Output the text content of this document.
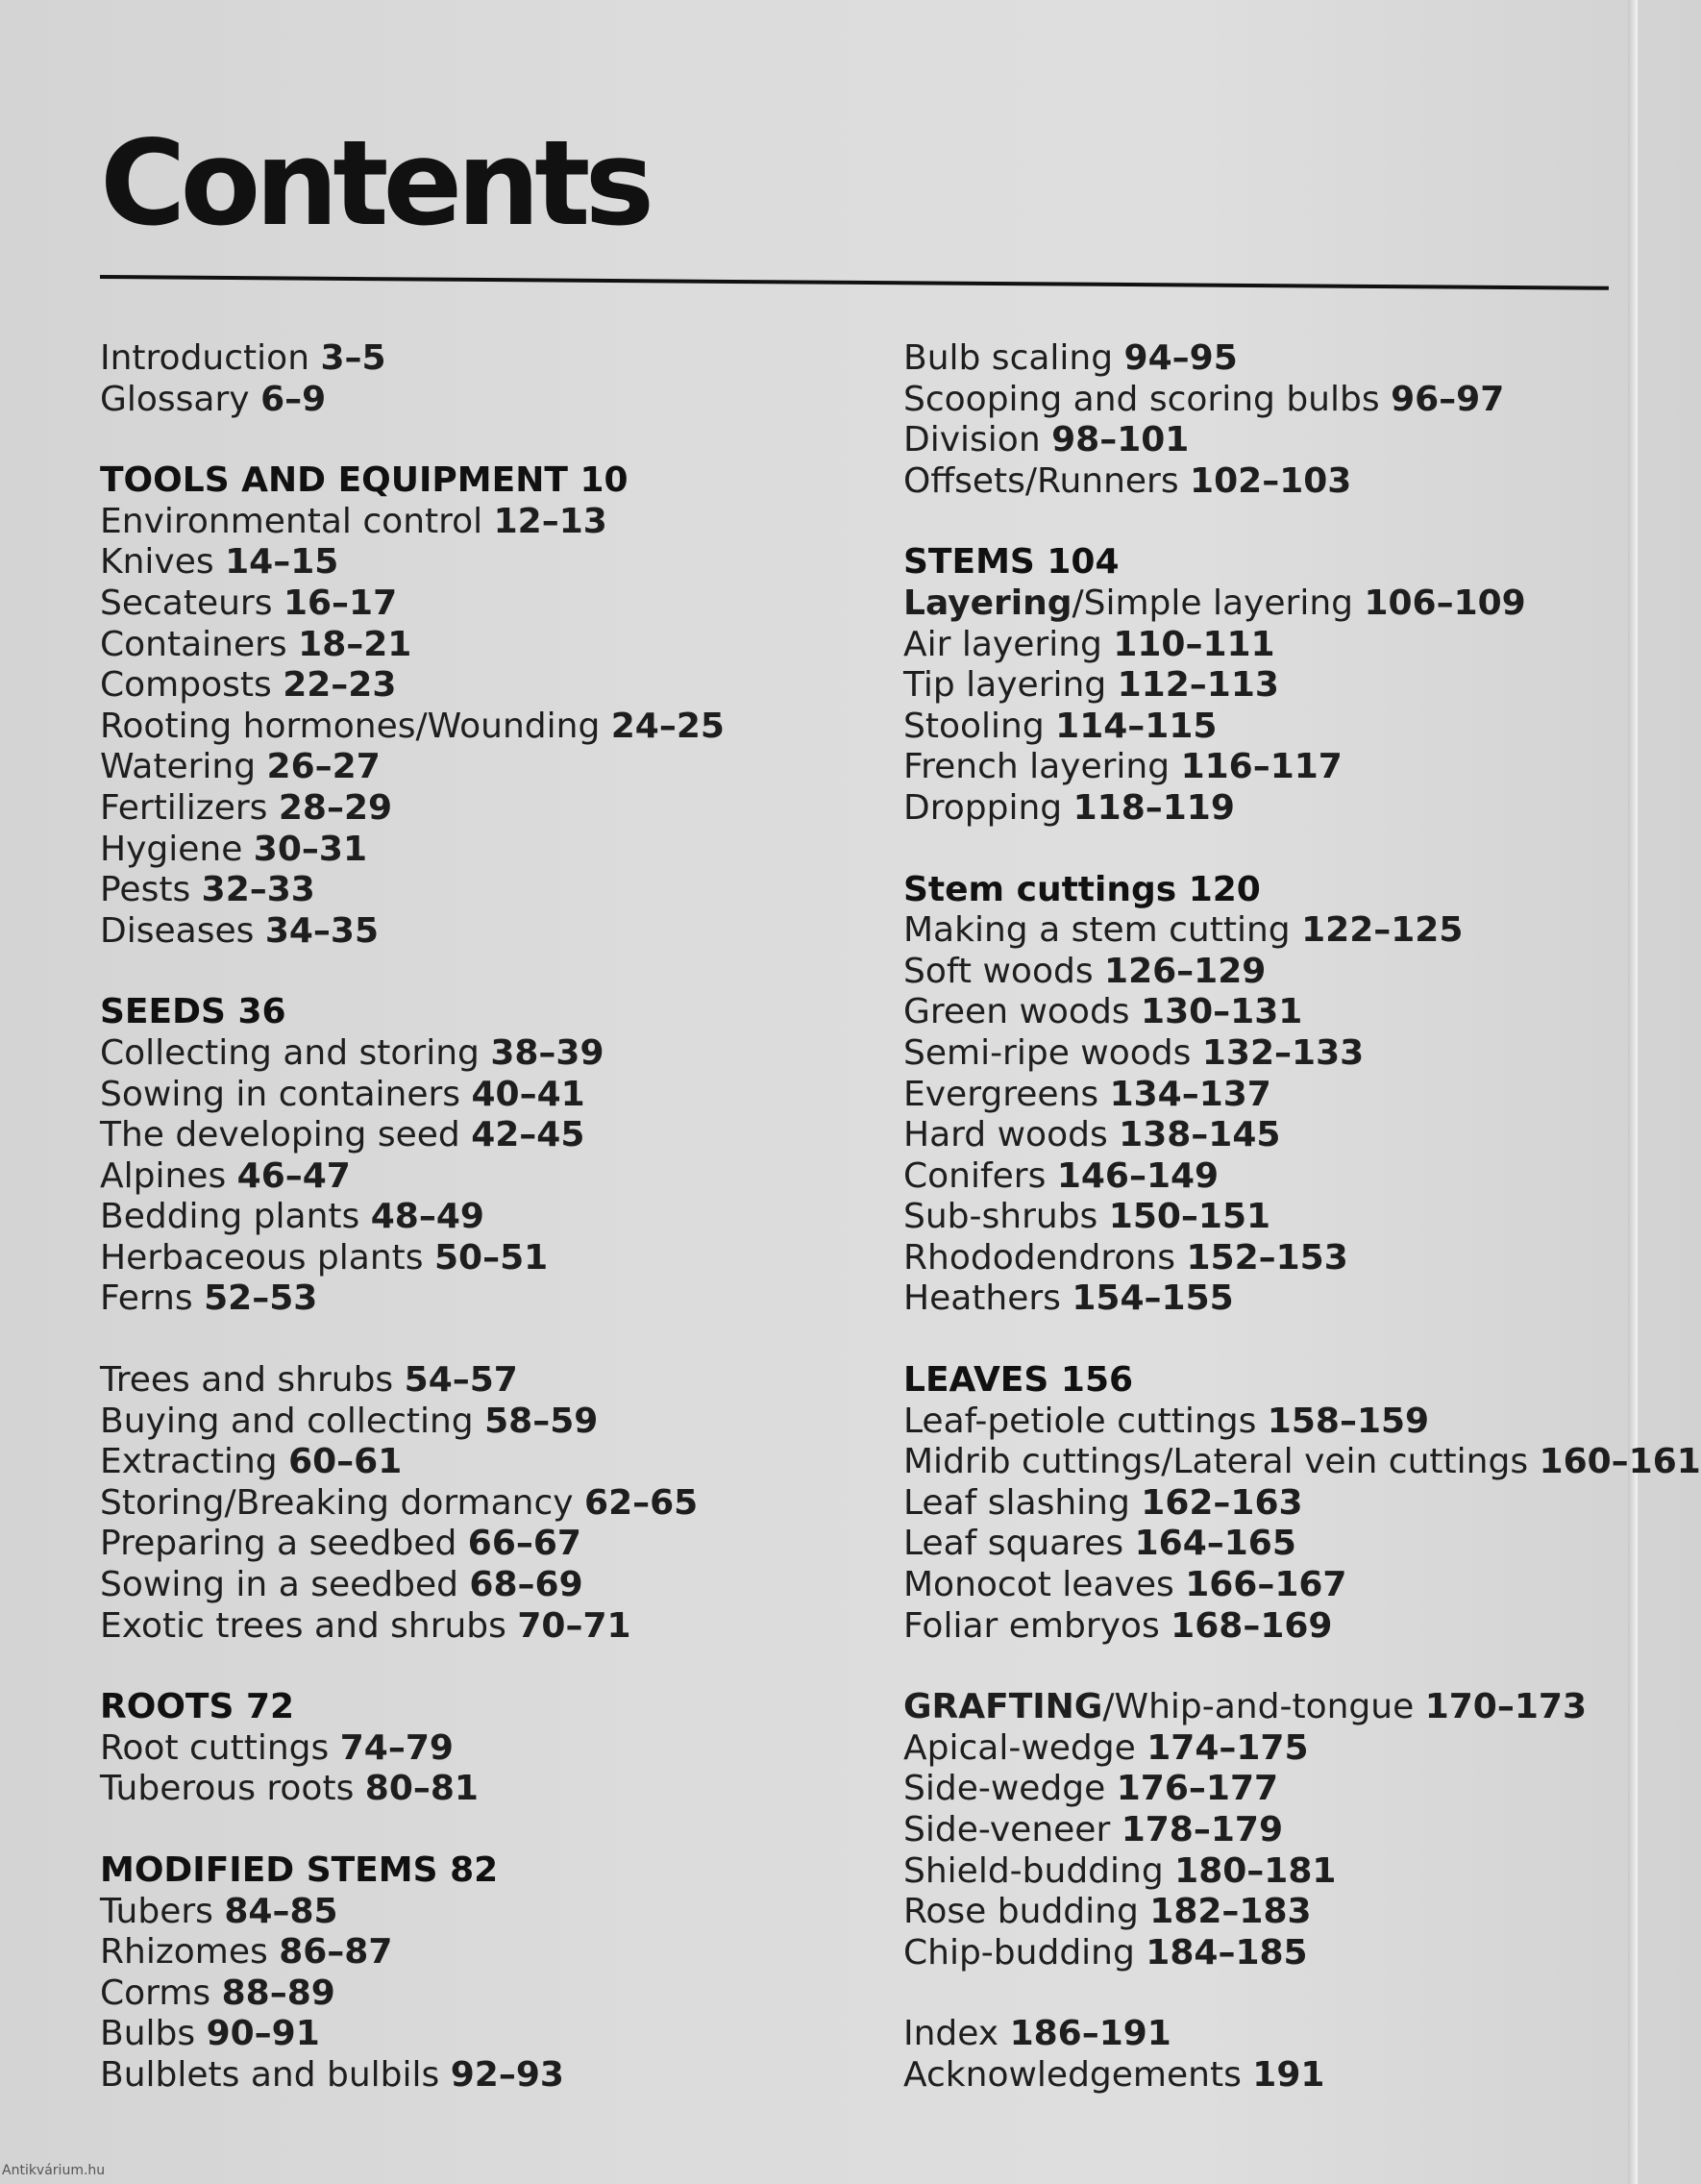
Contents
Introduction 3–5
Glossary 6–9
TOOLS AND EQUIPMENT 10
Environmental control 12–13
Knives 14–15
Secateurs 16–17
Containers 18–21
Composts 22–23
Rooting hormones/Wounding 24–25
Watering 26–27
Fertilizers 28–29
Hygiene 30–31
Pests 32–33
Diseases 34–35
SEEDS 36
Collecting and storing 38–39
Sowing in containers 40–41
The developing seed 42–45
Alpines 46–47
Bedding plants 48–49
Herbaceous plants 50–51
Ferns 52–53
Trees and shrubs 54–57
Buying and collecting 58–59
Extracting 60–61
Storing/Breaking dormancy 62–65
Preparing a seedbed 66–67
Sowing in a seedbed 68–69
Exotic trees and shrubs 70–71
ROOTS 72
Root cuttings 74–79
Tuberous roots 80–81
MODIFIED STEMS 82
Tubers 84–85
Rhizomes 86–87
Corms 88–89
Bulbs 90–91
Bulblets and bulbils 92–93
Bulb scaling 94–95
Scooping and scoring bulbs 96–97
Division 98–101
Offsets/Runners 102–103
STEMS 104
Layering/Simple layering 106–109
Air layering 110–111
Tip layering 112–113
Stooling 114–115
French layering 116–117
Dropping 118–119
Stem cuttings 120
Making a stem cutting 122–125
Soft woods 126–129
Green woods 130–131
Semi-ripe woods 132–133
Evergreens 134–137
Hard woods 138–145
Conifers 146–149
Sub-shrubs 150–151
Rhododendrons 152–153
Heathers 154–155
LEAVES 156
Leaf-petiole cuttings 158–159
Midrib cuttings/Lateral vein cuttings 160–161
Leaf slashing 162–163
Leaf squares 164–165
Monocot leaves 166–167
Foliar embryos 168–169
GRAFTING/Whip-and-tongue 170–173
Apical-wedge 174–175
Side-wedge 176–177
Side-veneer 178–179
Shield-budding 180–181
Rose budding 182–183
Chip-budding 184–185
Index 186–191
Acknowledgements 191
Antikvárium.hu
